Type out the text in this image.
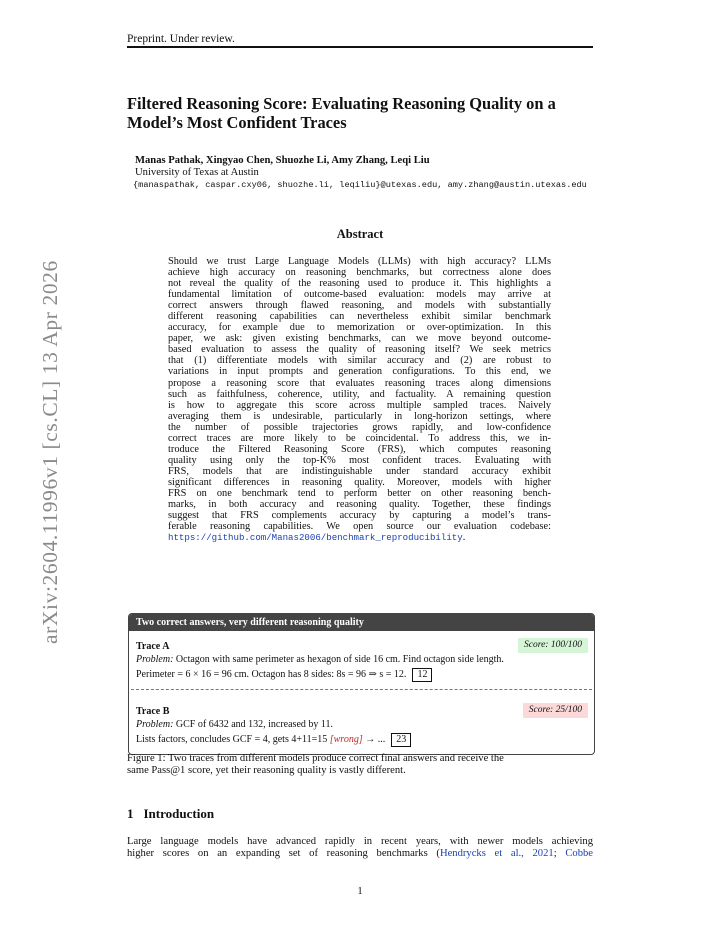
Preprint. Under review.
arXiv:2604.11996v1 [cs.CL] 13 Apr 2026
Filtered Reasoning Score: Evaluating Reasoning Quality on a Model’s Most Confident Traces
Manas Pathak, Xingyao Chen, Shuozhe Li, Amy Zhang, Leqi Liu
University of Texas at Austin
{manaspathak, caspar.cxy06, shuozhe.li, leqiliu}@utexas.edu, amy.zhang@austin.utexas.edu
Abstract
Should we trust Large Language Models (LLMs) with high accuracy? LLMs
achieve high accuracy on reasoning benchmarks, but correctness alone does
not reveal the quality of the reasoning used to produce it. This highlights a
fundamental limitation of outcome-based evaluation: models may arrive at
correct answers through flawed reasoning, and models with substantially
different reasoning capabilities can nevertheless exhibit similar benchmark
accuracy, for example due to memorization or over-optimization. In this
paper, we ask: given existing benchmarks, can we move beyond outcome-
based evaluation to assess the quality of reasoning itself? We seek metrics
that (1) differentiate models with similar accuracy and (2) are robust to
variations in input prompts and generation configurations. To this end, we
propose a reasoning score that evaluates reasoning traces along dimensions
such as faithfulness, coherence, utility, and factuality. A remaining question
is how to aggregate this score across multiple sampled traces. Naively
averaging them is undesirable, particularly in long-horizon settings, where
the number of possible trajectories grows rapidly, and low-confidence
correct traces are more likely to be coincidental. To address this, we in-
troduce the Filtered Reasoning Score (FRS), which computes reasoning
quality using only the top-K% most confident traces. Evaluating with
FRS, models that are indistinguishable under standard accuracy exhibit
significant differences in reasoning quality. Moreover, models with higher
FRS on one benchmark tend to perform better on other reasoning bench-
marks, in both accuracy and reasoning quality. Together, these findings
suggest that FRS complements accuracy by capturing a model’s trans-
ferable reasoning capabilities. We open source our evaluation codebase:
https://github.com/Manas2006/benchmark_reproducibility.
Two correct answers, very different reasoning quality
Trace A	Score: 100/100
Problem: Octagon with same perimeter as hexagon of side 16 cm. Find octagon side length.
Perimeter = 6 × 16 = 96 cm. Octagon has 8 sides: 8s = 96 ⇒ s = 12. 12
Trace B	Score: 25/100
Problem: GCF of 6432 and 132, increased by 11.
Lists factors, concludes GCF = 4, gets 4+11=15 [wrong] → ... 23
Figure 1: Two traces from different models produce correct final answers and receive the
same Pass@1 score, yet their reasoning quality is vastly different.
1 Introduction
Large language models have advanced rapidly in recent years, with newer models achieving
higher scores on an expanding set of reasoning benchmarks (Hendrycks et al., 2021; Cobbe
1
